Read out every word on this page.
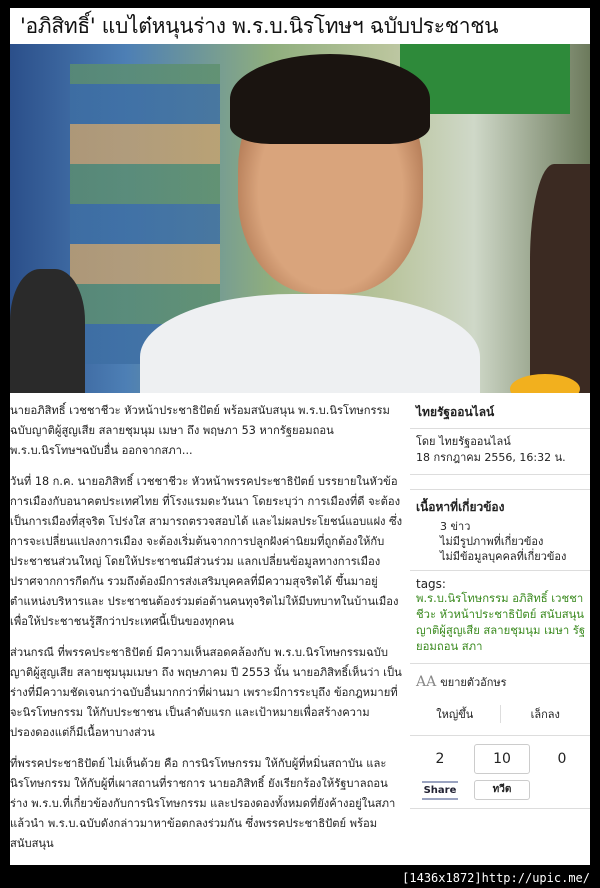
'อภิสิทธิ์' แบไต๋หนุนร่าง พ.ร.บ.นิรโทษฯ ฉบับประชาชน

นายอภิสิทธิ์ เวชชาชีวะ หัวหน้าประชาธิปัตย์ พร้อมสนับสนุน พ.ร.บ.นิรโทษกรรม ฉบับญาติผู้สูญเสีย สลายชุมนุม เมษา ถึง พฤษภา 53 หากรัฐยอมถอน พ.ร.บ.นิรโทษฯฉบับอื่น ออกจากสภา...

วันที่ 18 ก.ค. นายอภิสิทธิ์ เวชชาชีวะ หัวหน้าพรรคประชาธิปัตย์ บรรยายในหัวข้อ การเมืองกับอนาคตประเทศไทย ที่โรงแรมดะวันนา โดยระบุว่า การเมืองที่ดี จะต้องเป็นการเมืองที่สุจริต โปร่งใส สามารถตรวจสอบได้ และไม่ผลประโยชน์แอบแฝง ซึ่งการจะเปลี่ยนแปลงการเมือง จะต้องเริ่มต้นจากการปลูกฝังค่านิยมที่ถูกต้องให้กับประชาชนส่วนใหญ่ โดยให้ประชาชนมีส่วนร่วม แลกเปลี่ยนข้อมูลทางการเมือง ปราศจากการกีดกัน รวมถึงต้องมีการส่งเสริมบุคคลที่มีความสุจริตได้ ขึ้นมาอยู่ตำแหน่งบริหารและ ประชาชนต้องร่วมต่อต้านคนทุจริตไม่ให้มีบทบาทในบ้านเมือง เพื่อให้ประชาชนรู้สึกว่าประเทศนี้เป็นของทุกคน

ส่วนกรณี ที่พรรคประชาธิปัตย์ มีความเห็นสอดคล้องกับ พ.ร.บ.นิรโทษกรรมฉบับญาติผู้สูญเสีย สลายชุมนุมเมษา ถึง พฤษภาคม ปี 2553 นั้น นายอภิสิทธิ์เห็นว่า เป็นร่างที่มีความชัดเจนกว่าฉบับอื่นมากกว่าที่ผ่านมา เพราะมีการระบุถึง ข้อกฎหมายที่จะนิรโทษกรรม ให้กับประชาชน เป็นลำดับแรก และเป้าหมายเพื่อสร้างความปรองดองแต่ก็มีเนื้อหาบางส่วน

ที่พรรคประชาธิปัตย์ ไม่เห็นด้วย คือ การนิรโทษกรรม ให้กับผู้ที่หมิ่นสถาบัน และนิรโทษกรรม ให้กับผู้ที่เผาสถานที่ราชการ นายอภิสิทธิ์ ยังเรียกร้องให้รัฐบาลถอนร่าง พ.ร.บ.ที่เกี่ยวข้องกับการนิรโทษกรรม และปรองดองทั้งหมดที่ยังค้างอยู่ในสภา แล้วนำ พ.ร.บ.ฉบับดังกล่าวมาหาข้อตกลงร่วมกัน ซึ่งพรรคประชาธิปัตย์ พร้อมสนับสนุน

ไทยรัฐออนไลน์
โดย ไทยรัฐออนไลน์
18 กรกฎาคม 2556, 16:32 น.
เนื้อหาที่เกี่ยวข้อง
3 ข่าว
ไม่มีรูปภาพที่เกี่ยวข้อง
ไม่มีข้อมูลบุคคลที่เกี่ยวข้อง
tags:
พ.ร.บ.นิรโทษกรรม อภิสิทธิ์ เวชชาชีวะ หัวหน้าประชาธิปัตย์ สนับสนุน ญาติผู้สูญเสีย สลายชุมนุม เมษา รัฐ ยอมถอน สภา
AA ขยายตัวอักษร
ใหญ่ขึ้น	เล็กลง
2	10	0
Share	ทวีต
[1436x1872]http://upic.me/
